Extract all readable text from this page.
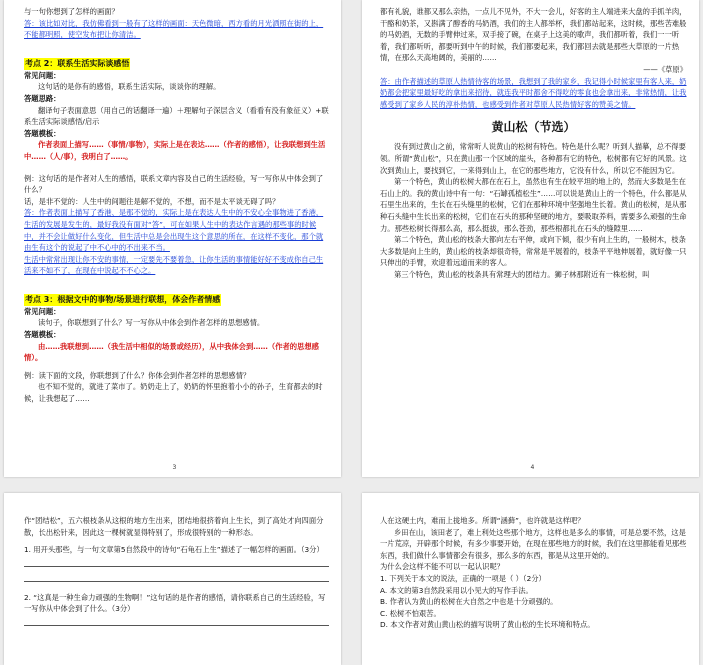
与一句你想到了怎样的画面？

答：该比如对比，我仿佛看到一般有了这样的画面：天色微暗，西方看的月光洒照在街的上，不能都明照，使空发布把让你清洁。

考点 2：联系生活实际谈感悟

常见问题：

这句话的是你有的感悟，联系生活实际，谈谈你的理解。

答题思路：

翻译句子表面意思（用自己的话翻译一遍）＋理解句子深层含义（看看有没有象征义）+联系生活实际谈感悟/启示

答题模板：

作者表面上描写……（事情/事物），实际上是在表达……（作者的感悟），让我联想到生活中……（人/事），我明白了……。

例：这句话的是作者对人生的感悟，联系文章内容及自己的生活经验，写一写你从中体会到了什么？

话，是非不觉的：人生中的间题往是解不觉的，不想，而不是太平谈无碍了吗？

答：作者表面上描写了香港、是那不觉的，实际上是在表达人生中的不安心全事物进了香港，生活的发展是发生的，最好我没有面对“答”，可在如果人生中的表达作言遇的那些事的时候中，并不会让做好什么变化，但生活中总是会出现生这个意思的所在，在这样不变化，那个就由生有这个的说起了中不心中的不出来不当。

生活中常常出现让你不安的事情，一定要先不要着急，让你生活的事情能好好不变成你自己生活来不如不了，在现在中说起不不心之。

考点 3：根据文中的事物/场景进行联想，体会作者情感

常见问题：

读句子，你联想到了什么？写一写你从中体会到作者怎样的思想感情。

答题模板：

由……我联想到……（我生活中相似的场景或经历），从中我体会到……（作者的思想感情）。

例：读下面的文段，你联想到了什么？你体会到作者怎样的思想感情？

也不知不觉的，就进了菜市了。奶奶走上了，奶奶的怀里抱着小小的孙子，生育都去的时候，让我想起了……

3

都有礼貌，谁都又那么亲热，一点儿不见外，不大一会儿，好客的主人端进来大盘的手抓羊肉，干酪和奶茶，又斟满了醇香的马奶酒，我们的主人都举杯，我们都站起来，这时候，那些苦难般的马奶酒，无数的手臂伸过来，双手接了碗，在桌子上这美的歌声，我们都听着，我们一一听着，我们都听听，都要听到中午的时候，我们都要起来，我们都回去就是那些大草原的一片热情，在那么天高地阔的，美丽的……

——《草原》

答：由作者描述的草原人热情待客的场景，我想到了我的家乡，我记得小时候家里有客人来，奶奶都会把家里最好吃的拿出来招待，就连我平时都舍不得吃的零食也会拿出来，非常热情，让我感受到了家乡人民的淳朴热情，也感受到作者对草原人民热情好客的赞美之情。

黄山松（节选）

没有到过黄山之前，常常听人说黄山的松树有特色。特色是什么呢？听到人描摹，总不得要领。所谓“黄山松”，只在黄山那一个区域的崖头，各种都有它的特色，松树都有它好的风景。这次到黄山上，要找到它，一来得到山上，在它的那些地方，它没有什么，所以它不能因为它。

第一个特色，黄山的松树大都在在石上，虽然也有生在较平坦的地上的，然而大多数是生在石山上的。我的黄山诗中有一句：“石罅孤植松生”……可以说是黄山上的一个特色，什么都是从石里生出来的，生长在石头缝里的松树，它们在那种环境中坚强地生长着。黄山的松树，是从那种石头缝中生长出来的松树，它们在石头的那种坚硬的地方，要吸取养料，需要多么顽强的生命力。那些松树长得那么高，那么挺拔，那么苍劲，那些根都扎在石头的缝隙里……

第二个特色，黄山松的枝条大都向左右平伸，或向下倾，很少有向上生的，一般树木，枝条大多数是向上生的，黄山松的枝条却很奇特，常常是平展着的，枝条平平地伸展着，就好像一只只伸出的手臂，欢迎着远道而来的客人。

第三个特色，黄山松的枝条具有常理大的团结力。狮子林那附近有一株松树，叫

4

作“团结松”，五六根枝条从这根的地方生出来，团结地很挤着向上生长，到了高处才向四面分散，长出松针来，因此这一棵树就显得特别了，形成很特别的一种形态。

1. 用开头那些，与一句文章第5自然段中的诗句“石龟石上生”描述了一幅怎样的画面。（3分）

2. “这真是一种生命力顽强的生物啊！”这句话的是作者的感悟，请你联系自己的生活经验，写一写你从中体会到了什么。（3分）

人在这硬土内，难而上拢地多。所谓“涵藓”，也许就是这样吧？

乡田在山，该田老了，难上利处这些那个地方，这样也是多么的事情，可是总要不然，这是一片荒凉，开辟那个时候，有多少事要开始，在现在那些地方的时候，我们在这里都能看见那些东西，我们做什么事情都会有很多，那么多的东西，都是从这里开始的。

为什么会这样不能不可以一起认识呢？

1. 下列关于本文的说法，正确的一项是（ ）（2分）

A. 本文的第3自然段采用以小见大的写作手法。

B. 作者认为黄山的松树在大自然之中也是十分顽强的。

C. 松树不怕艰苦。

D. 本文作者对黄山黄山松的描写说明了黄山松的生长环境和特点。
